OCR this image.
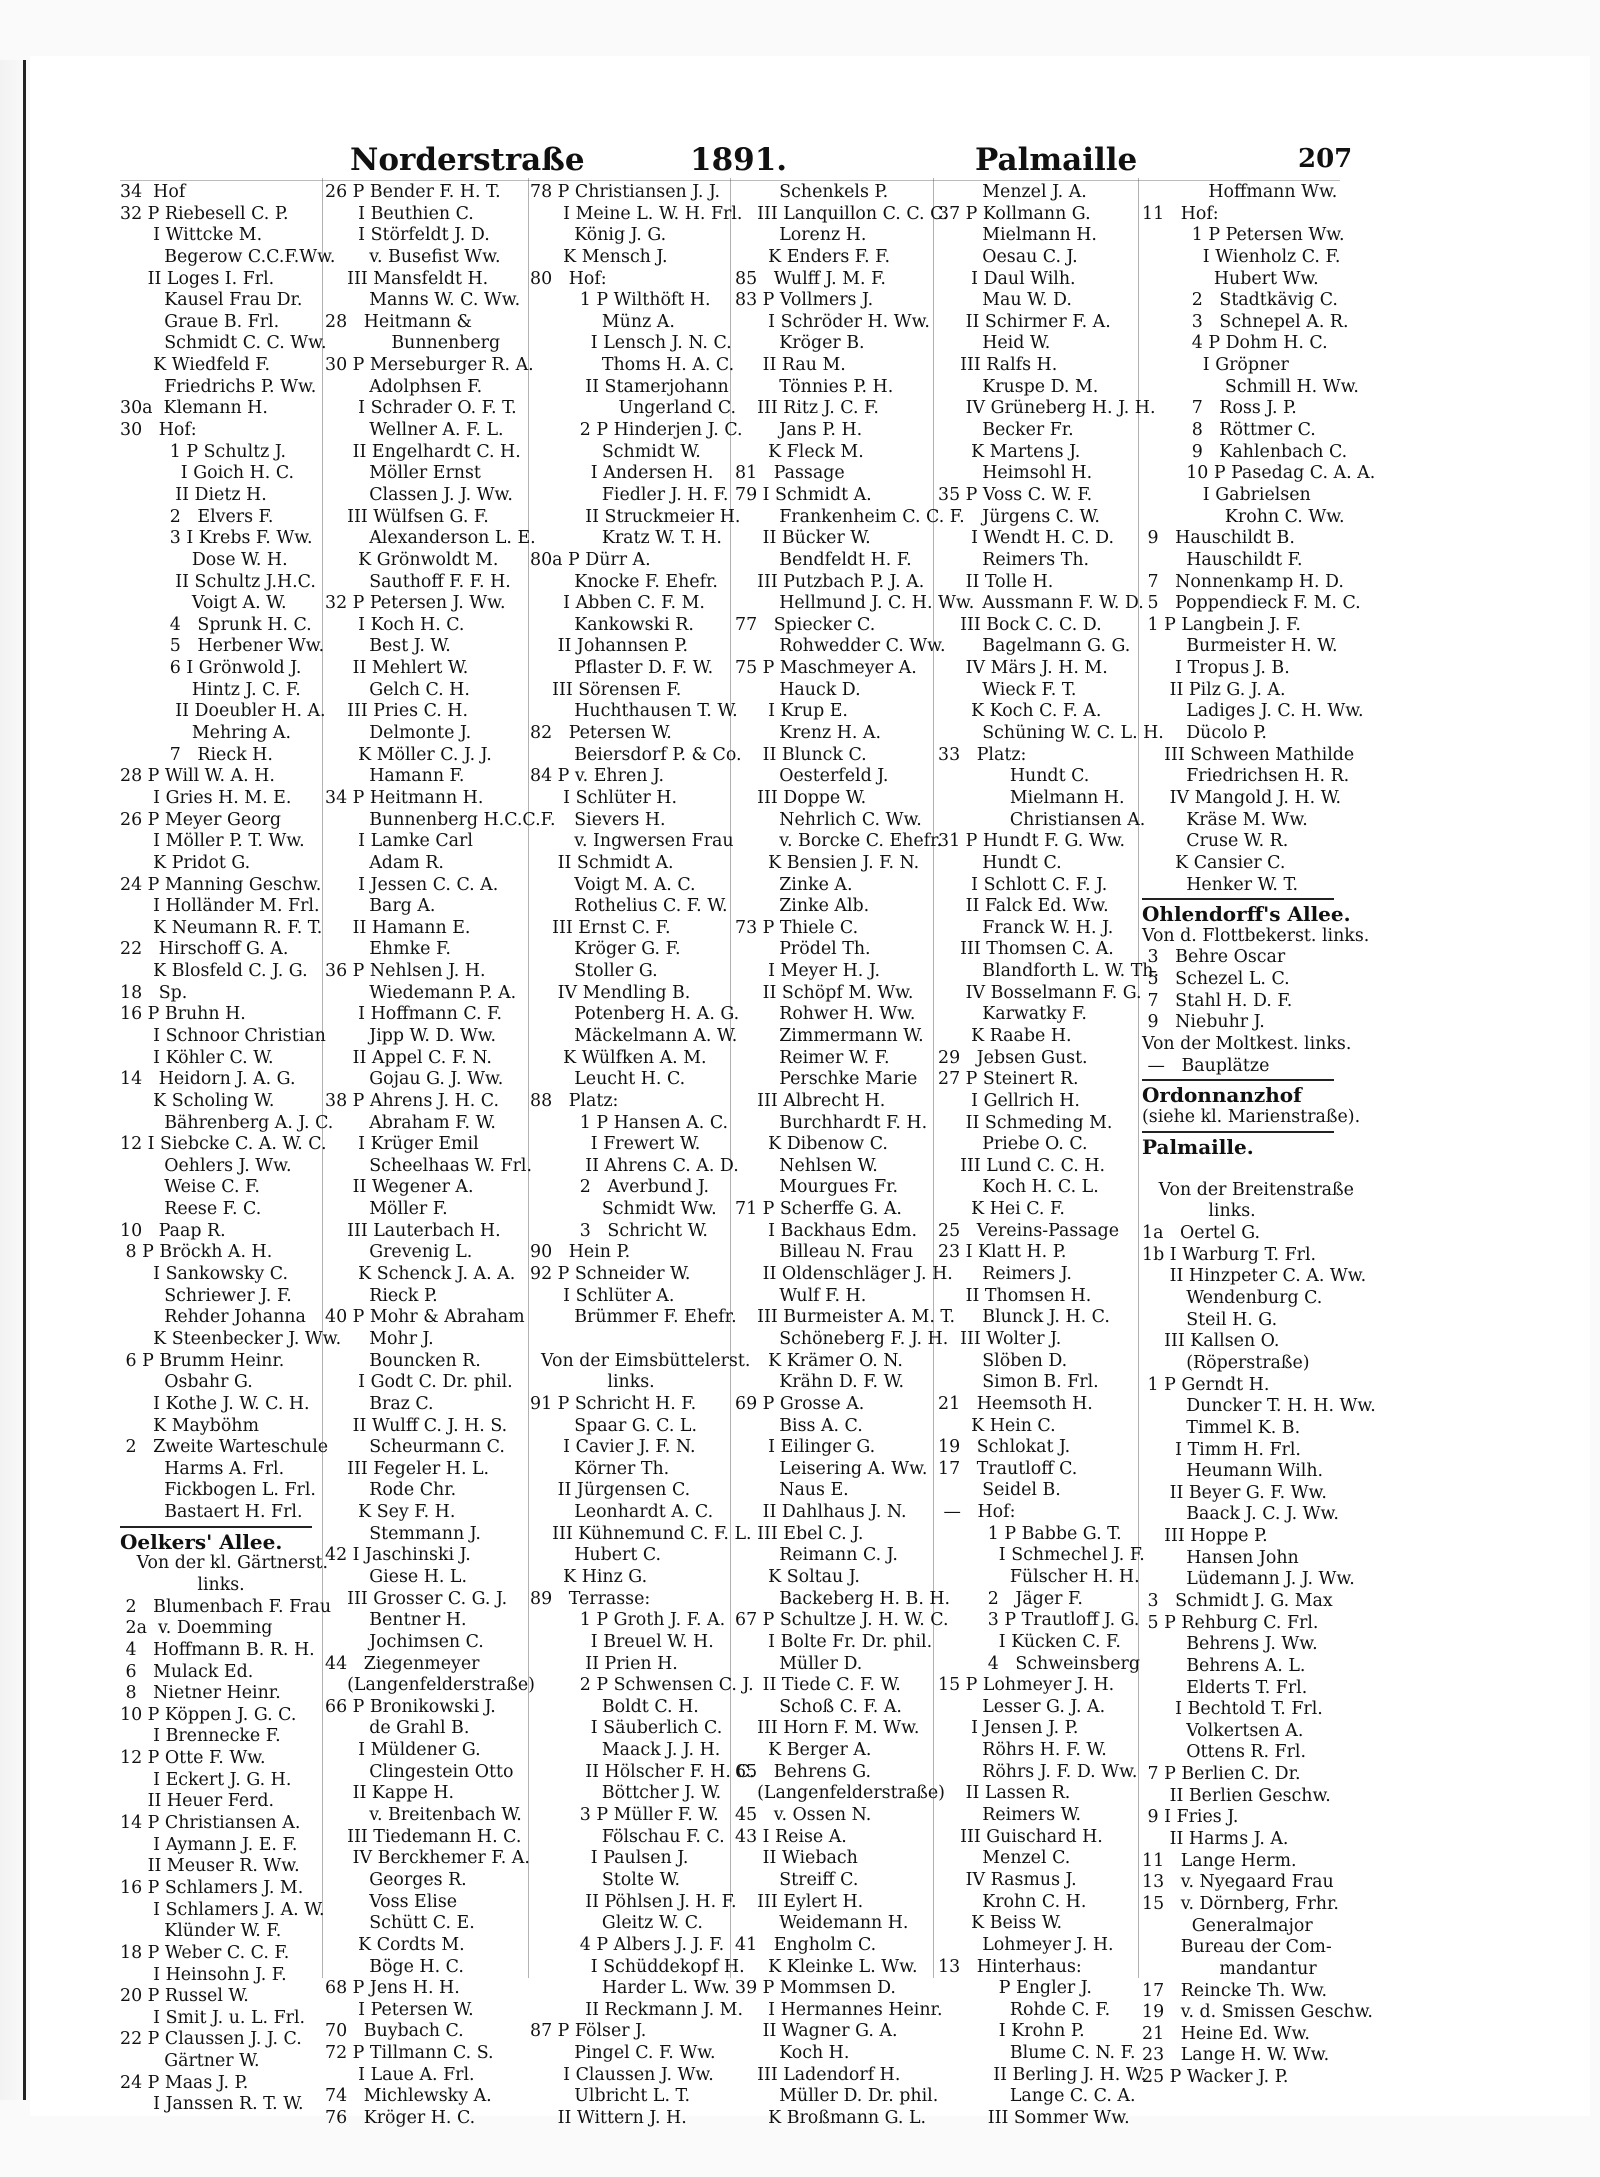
Norderstraße	1891.	Palmaille	207
34  Hof
32 P Riebesell C. P.
I Wittcke M.
Begerow C.C.F.Ww.
II Loges I. Frl.
Kausel Frau Dr.
Graue B. Frl.
Schmidt C. C. Ww.
K Wiedfeld F.
Friedrichs P. Ww.
30a  Klemann H.
30   Hof:
1 P Schultz J.
I Goich H. C.
II Dietz H.
2   Elvers F.
3 I Krebs F. Ww.
Dose W. H.
II Schultz J.H.C.
Voigt A. W.
4   Sprunk H. C.
5   Herbener Ww.
6 I Grönwold J.
Hintz J. C. F.
II Doeubler H. A.
Mehring A.
7   Rieck H.
28 P Will W. A. H.
I Gries H. M. E.
26 P Meyer Georg
I Möller P. T. Ww.
K Pridot G.
24 P Manning Geschw.
I Holländer M. Frl.
K Neumann R. F. T.
22   Hirschoff G. A.
K Blosfeld C. J. G.
18   Sp.
16 P Bruhn H.
I Schnoor Christian
I Köhler C. W.
14   Heidorn J. A. G.
K Scholing W.
Bährenberg A. J. C.
12 I Siebcke C. A. W. C.
Oehlers J. Ww.
Weise C. F.
Reese F. C.
10   Paap R.
8 P Bröckh A. H.
I Sankowsky C.
Schriewer J. F.
Rehder Johanna
K Steenbecker J. Ww.
6 P Brumm Heinr.
Osbahr G.
I Kothe J. W. C. H.
K Mayböhm
2   Zweite Warteschule
Harms A. Frl.
Fickbogen L. Frl.
Bastaert H. Frl.
Oelkers' Allee.
Von der kl. Gärtnerst.
links.
2   Blumenbach F. Frau
2a  v. Doemming
4   Hoffmann B. R. H.
6   Mulack Ed.
8   Nietner Heinr.
10 P Köppen J. G. C.
I Brennecke F.
12 P Otte F. Ww.
I Eckert J. G. H.
II Heuer Ferd.
14 P Christiansen A.
I Aymann J. E. F.
II Meuser R. Ww.
16 P Schlamers J. M.
I Schlamers J. A. W.
Klünder W. F.
18 P Weber C. C. F.
I Heinsohn J. F.
20 P Russel W.
I Smit J. u. L. Frl.
22 P Claussen J. J. C.
Gärtner W.
24 P Maas J. P.
I Janssen R. T. W.
26 P Bender F. H. T.
I Beuthien C.
I Störfeldt J. D.
v. Busefist Ww.
III Mansfeldt H.
Manns W. C. Ww.
28   Heitmann &
Bunnenberg
30 P Merseburger R. A.
Adolphsen F.
I Schrader O. F. T.
Wellner A. F. L.
II Engelhardt C. H.
Möller Ernst
Classen J. J. Ww.
III Wülfsen G. F.
Alexanderson L. E.
K Grönwoldt M.
Sauthoff F. F. H.
32 P Petersen J. Ww.
I Koch H. C.
Best J. W.
II Mehlert W.
Gelch C. H.
III Pries C. H.
Delmonte J.
K Möller C. J. J.
Hamann F.
34 P Heitmann H.
Bunnenberg H.C.C.F.
I Lamke Carl
Adam R.
I Jessen C. C. A.
Barg A.
II Hamann E.
Ehmke F.
36 P Nehlsen J. H.
Wiedemann P. A.
I Hoffmann C. F.
Jipp W. D. Ww.
II Appel C. F. N.
Gojau G. J. Ww.
38 P Ahrens J. H. C.
Abraham F. W.
I Krüger Emil
Scheelhaas W. Frl.
II Wegener A.
Möller F.
III Lauterbach H.
Grevenig L.
K Schenck J. A. A.
Rieck P.
40 P Mohr & Abraham
Mohr J.
Bouncken R.
I Godt C. Dr. phil.
Braz C.
II Wulff C. J. H. S.
Scheurmann C.
III Fegeler H. L.
Rode Chr.
K Sey F. H.
Stemmann J.
42 I Jaschinski J.
Giese H. L.
III Grosser C. G. J.
Bentner H.
Jochimsen C.
44   Ziegenmeyer
(Langenfelderstraße)
66 P Bronikowski J.
de Grahl B.
I Müldener G.
Clingestein Otto
II Kappe H.
v. Breitenbach W.
III Tiedemann H. C.
IV Berckhemer F. A.
Georges R.
Voss Elise
Schütt C. E.
K Cordts M.
Böge H. C.
68 P Jens H. H.
I Petersen W.
70   Buybach C.
72 P Tillmann C. S.
I Laue A. Frl.
74   Michlewsky A.
76   Kröger H. C.
78 P Christiansen J. J.
I Meine L. W. H. Frl.
König J. G.
K Mensch J.
80   Hof:
1 P Wilthöft H.
Münz A.
I Lensch J. N. C.
Thoms H. A. C.
II Stamerjohann
Ungerland C.
2 P Hinderjen J. C.
Schmidt W.
I Andersen H.
Fiedler J. H. F.
II Struckmeier H.
Kratz W. T. H.
80a P Dürr A.
Knocke F. Ehefr.
I Abben C. F. M.
Kankowski R.
II Johannsen P.
Pflaster D. F. W.
III Sörensen F.
Huchthausen T. W.
82   Petersen W.
Beiersdorf P. & Co.
84 P v. Ehren J.
I Schlüter H.
Sievers H.
v. Ingwersen Frau
II Schmidt A.
Voigt M. A. C.
Rothelius C. F. W.
III Ernst C. F.
Kröger G. F.
Stoller G.
IV Mendling B.
Potenberg H. A. G.
Mäckelmann A. W.
K Wülfken A. M.
Leucht H. C.
88   Platz:
1 P Hansen A. C.
I Frewert W.
II Ahrens C. A. D.
2   Averbund J.
Schmidt Ww.
3   Schricht W.
90   Hein P.
92 P Schneider W.
I Schlüter A.
Brümmer F. Ehefr.
Von der Eimsbüttelerst.
links.
91 P Schricht H. F.
Spaar G. C. L.
I Cavier J. F. N.
Körner Th.
II Jürgensen C.
Leonhardt A. C.
III Kühnemund C. F. L.
Hubert C.
K Hinz G.
89   Terrasse:
1 P Groth J. F. A.
I Breuel W. H.
II Prien H.
2 P Schwensen C. J.
Boldt C. H.
I Säuberlich C.
Maack J. J. H.
II Hölscher F. H. C.
Böttcher J. W.
3 P Müller F. W.
Fölschau F. C.
I Paulsen J.
Stolte W.
II Pöhlsen J. H. F.
Gleitz W. C.
4 P Albers J. J. F.
I Schüddekopf H.
Harder L. Ww.
II Reckmann J. M.
87 P Fölser J.
Pingel C. F. Ww.
I Claussen J. Ww.
Ulbricht L. T.
II Wittern J. H.
Schenkels P.
III Lanquillon C. C. C.
Lorenz H.
K Enders F. F.
85   Wulff J. M. F.
83 P Vollmers J.
I Schröder H. Ww.
Kröger B.
II Rau M.
Tönnies P. H.
III Ritz J. C. F.
Jans P. H.
K Fleck M.
81   Passage
79 I Schmidt A.
Frankenheim C. C. F.
II Bücker W.
Bendfeldt H. F.
III Putzbach P. J. A.
Hellmund J. C. H. Ww.
77   Spiecker C.
Rohwedder C. Ww.
75 P Maschmeyer A.
Hauck D.
I Krup E.
Krenz H. A.
II Blunck C.
Oesterfeld J.
III Doppe W.
Nehrlich C. Ww.
v. Borcke C. Ehefr.
K Bensien J. F. N.
Zinke A.
Zinke Alb.
73 P Thiele C.
Prödel Th.
I Meyer H. J.
II Schöpf M. Ww.
Rohwer H. Ww.
Zimmermann W.
Reimer W. F.
Perschke Marie
III Albrecht H.
Burchhardt F. H.
K Dibenow C.
Nehlsen W.
Mourgues Fr.
71 P Scherffe G. A.
I Backhaus Edm.
Billeau N. Frau
II Oldenschläger J. H.
Wulf F. H.
III Burmeister A. M. T.
Schöneberg F. J. H.
K Krämer O. N.
Krähn D. F. W.
69 P Grosse A.
Biss A. C.
I Eilinger G.
Leisering A. Ww.
Naus E.
II Dahlhaus J. N.
III Ebel C. J.
Reimann C. J.
K Soltau J.
Backeberg H. B. H.
67 P Schultze J. H. W. C.
I Bolte Fr. Dr. phil.
Müller D.
II Tiede C. F. W.
Schoß C. F. A.
III Horn F. M. Ww.
K Berger A.
65   Behrens G.
(Langenfelderstraße)
45   v. Ossen N.
43 I Reise A.
II Wiebach
Streiff C.
III Eylert H.
Weidemann H.
41   Engholm C.
K Kleinke L. Ww.
39 P Mommsen D.
I Hermannes Heinr.
II Wagner G. A.
Koch H.
III Ladendorf H.
Müller D. Dr. phil.
K Broßmann G. L.
Menzel J. A.
37 P Kollmann G.
Mielmann H.
Oesau C. J.
I Daul Wilh.
Mau W. D.
II Schirmer F. A.
Heid W.
III Ralfs H.
Kruspe D. M.
IV Grüneberg H. J. H.
Becker Fr.
K Martens J.
Heimsohl H.
35 P Voss C. W. F.
Jürgens C. W.
I Wendt H. C. D.
Reimers Th.
II Tolle H.
Aussmann F. W. D.
III Bock C. C. D.
Bagelmann G. G.
IV Märs J. H. M.
Wieck F. T.
K Koch C. F. A.
Schüning W. C. L. H.
33   Platz:
Hundt C.
Mielmann H.
Christiansen A.
31 P Hundt F. G. Ww.
Hundt C.
I Schlott C. F. J.
II Falck Ed. Ww.
Franck W. H. J.
III Thomsen C. A.
Blandforth L. W. Th.
IV Bosselmann F. G.
Karwatky F.
K Raabe H.
29   Jebsen Gust.
27 P Steinert R.
I Gellrich H.
II Schmeding M.
Priebe O. C.
III Lund C. C. H.
Koch H. C. L.
K Hei C. F.
25   Vereins-Passage
23 I Klatt H. P.
Reimers J.
II Thomsen H.
Blunck J. H. C.
III Wolter J.
Slöben D.
Simon B. Frl.
21   Heemsoth H.
K Hein C.
19   Schlokat J.
17   Trautloff C.
Seidel B.
—   Hof:
1 P Babbe G. T.
I Schmechel J. F.
Fülscher H. H.
2   Jäger F.
3 P Trautloff J. G.
I Kücken C. F.
4   Schweinsberg
15 P Lohmeyer J. H.
Lesser G. J. A.
I Jensen J. P.
Röhrs H. F. W.
Röhrs J. F. D. Ww.
II Lassen R.
Reimers W.
III Guischard H.
Menzel C.
IV Rasmus J.
Krohn C. H.
K Beiss W.
Lohmeyer J. H.
13   Hinterhaus:
P Engler J.
Rohde C. F.
I Krohn P.
Blume C. N. F.
II Berling J. H. W.
Lange C. C. A.
III Sommer Ww.
Hoffmann Ww.
11   Hof:
1 P Petersen Ww.
I Wienholz C. F.
Hubert Ww.
2   Stadtkävig C.
3   Schnepel A. R.
4 P Dohm H. C.
I Gröpner
Schmill H. Ww.
7   Ross J. P.
8   Röttmer C.
9   Kahlenbach C.
10 P Pasedag C. A. A.
I Gabrielsen
Krohn C. Ww.
9   Hauschildt B.
Hauschildt F.
7   Nonnenkamp H. D.
5   Poppendieck F. M. C.
1 P Langbein J. F.
Burmeister H. W.
I Tropus J. B.
II Pilz G. J. A.
Ladiges J. C. H. Ww.
Dücolo P.
III Schween Mathilde
Friedrichsen H. R.
IV Mangold J. H. W.
Kräse M. Ww.
Cruse W. R.
K Cansier C.
Henker W. T.
Ohlendorff's Allee.
Von d. Flottbekerst. links.
3   Behre Oscar
5   Schezel L. C.
7   Stahl H. D. F.
9   Niebuhr J.
Von der Moltkest. links.
—   Bauplätze
Ordonnanzhof
(siehe kl. Marienstraße).
Palmaille.
Von der Breitenstraße
links.
1a   Oertel G.
1b I Warburg T. Frl.
II Hinzpeter C. A. Ww.
Wendenburg C.
Steil H. G.
III Kallsen O.
(Röperstraße)
1 P Gerndt H.
Duncker T. H. H. Ww.
Timmel K. B.
I Timm H. Frl.
Heumann Wilh.
II Beyer G. F. Ww.
Baack J. C. J. Ww.
III Hoppe P.
Hansen John
Lüdemann J. J. Ww.
3   Schmidt J. G. Max
5 P Rehburg C. Frl.
Behrens J. Ww.
Behrens A. L.
Elderts T. Frl.
I Bechtold T. Frl.
Volkertsen A.
Ottens R. Frl.
7 P Berlien C. Dr.
II Berlien Geschw.
9 I Fries J.
II Harms J. A.
11   Lange Herm.
13   v. Nyegaard Frau
15   v. Dörnberg, Frhr.
Generalmajor
Bureau der Com-
mandantur
17   Reincke Th. Ww.
19   v. d. Smissen Geschw.
21   Heine Ed. Ww.
23   Lange H. W. Ww.
25 P Wacker J. P.
